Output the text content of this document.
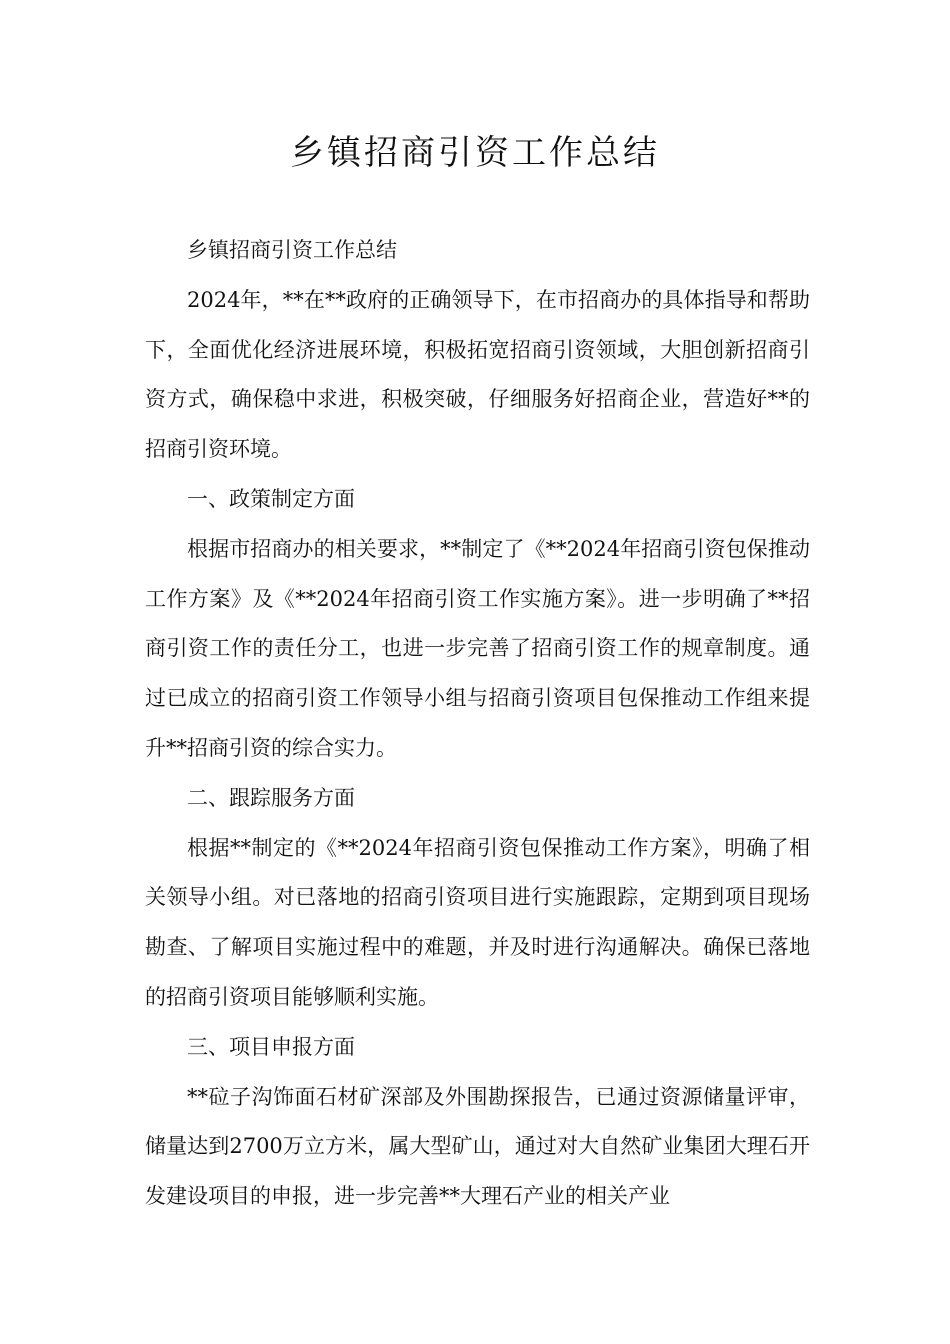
乡镇招商引资工作总结

乡镇招商引资工作总结

2024年，**在**政府的正确领导下，在市招商办的具体指导和帮助下，全面优化经济进展环境，积极拓宽招商引资领域，大胆创新招商引资方式，确保稳中求进，积极突破，仔细服务好招商企业，营造好**的招商引资环境。

一、政策制定方面

根据市招商办的相关要求，**制定了《**2024年招商引资包保推动工作方案》及《**2024年招商引资工作实施方案》。进一步明确了**招商引资工作的责任分工，也进一步完善了招商引资工作的规章制度。通过已成立的招商引资工作领导小组与招商引资项目包保推动工作组来提升**招商引资的综合实力。

二、跟踪服务方面

根据**制定的《**2024年招商引资包保推动工作方案》，明确了相关领导小组。对已落地的招商引资项目进行实施跟踪，定期到项目现场勘查、了解项目实施过程中的难题，并及时进行沟通解决。确保已落地的招商引资项目能够顺利实施。

三、项目申报方面

**砬子沟饰面石材矿深部及外围勘探报告，已通过资源储量评审，储量达到2700万立方米，属大型矿山，通过对大自然矿业集团大理石开发建设项目的申报，进一步完善**大理石产业的相关产业
